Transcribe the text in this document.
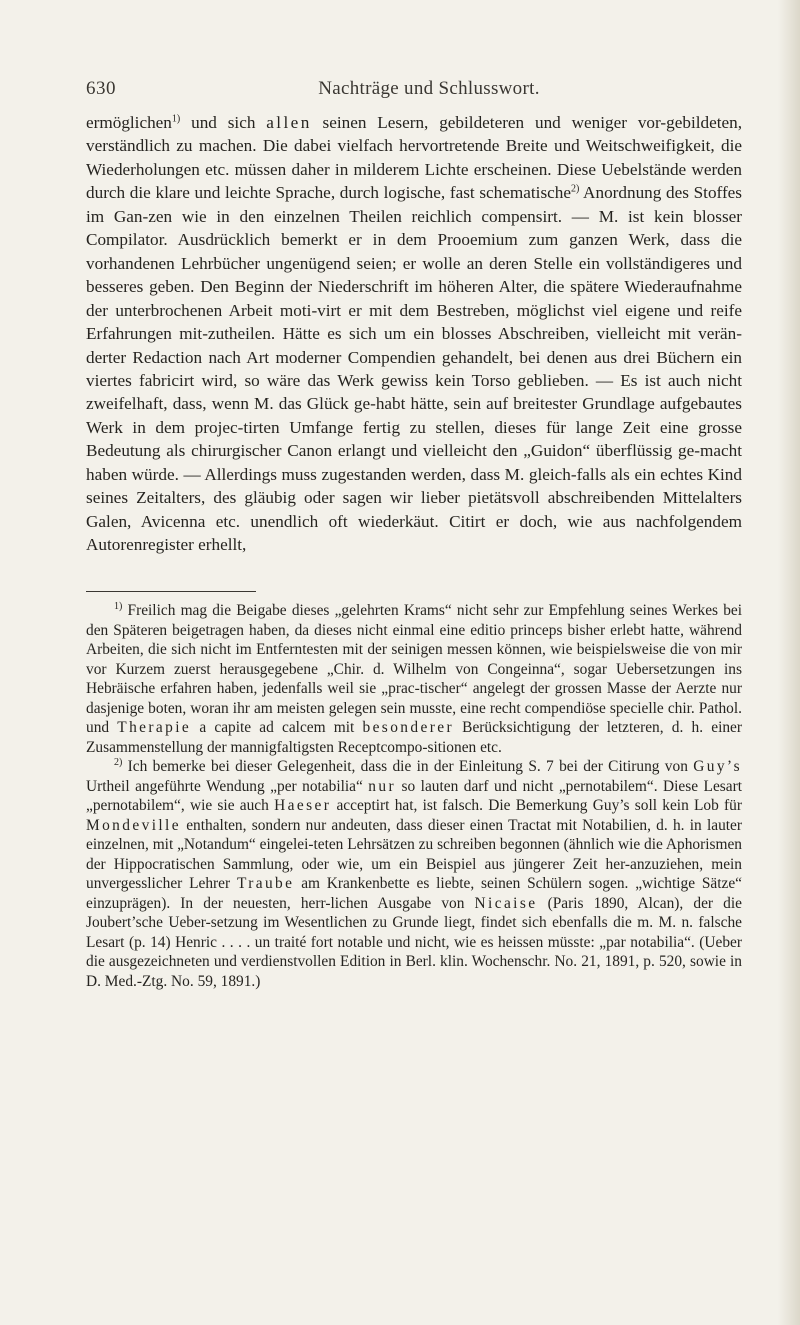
630	Nachträge und Schlusswort.

ermöglichen$^{1)}$ und sich allen seinen Lesern, gebildeteren und weniger vor-gebildeten, verständlich zu machen. Die dabei vielfach hervortretende Breite und Weitschweifigkeit, die Wiederholungen etc. müssen daher in milderem Lichte erscheinen. Diese Uebelstände werden durch die klare und leichte Sprache, durch logische, fast schematische$^{2)}$ Anordnung des Stoffes im Gan-zen wie in den einzelnen Theilen reichlich compensirt. — M. ist kein blosser Compilator. Ausdrücklich bemerkt er in dem Prooemium zum ganzen Werk, dass die vorhandenen Lehrbücher ungenügend seien; er wolle an deren Stelle ein vollständigeres und besseres geben. Den Beginn der Niederschrift im höheren Alter, die spätere Wiederaufnahme der unterbrochenen Arbeit moti-virt er mit dem Bestreben, möglichst viel eigene und reife Erfahrungen mit-zutheilen. Hätte es sich um ein blosses Abschreiben, vielleicht mit verän-derter Redaction nach Art moderner Compendien gehandelt, bei denen aus drei Büchern ein viertes fabricirt wird, so wäre das Werk gewiss kein Torso geblieben. — Es ist auch nicht zweifelhaft, dass, wenn M. das Glück ge-habt hätte, sein auf breitester Grundlage aufgebautes Werk in dem projec-tirten Umfange fertig zu stellen, dieses für lange Zeit eine grosse Bedeutung als chirurgischer Canon erlangt und vielleicht den „Guidon“ überflüssig ge-macht haben würde. — Allerdings muss zugestanden werden, dass M. gleich-falls als ein echtes Kind seines Zeitalters, des gläubig oder sagen wir lieber pietätsvoll abschreibenden Mittelalters Galen, Avicenna etc. unendlich oft wiederkäut. Citirt er doch, wie aus nachfolgendem Autorenregister erhellt,

$^{1)}$ Freilich mag die Beigabe dieses „gelehrten Krams“ nicht sehr zur Empfehlung seines Werkes bei den Späteren beigetragen haben, da dieses nicht einmal eine editio princeps bisher erlebt hatte, während Arbeiten, die sich nicht im Entferntesten mit der seinigen messen können, wie beispielsweise die von mir vor Kurzem zuerst herausgegebene „Chir. d. Wilhelm von Congeinna“, sogar Uebersetzungen ins Hebräische erfahren haben, jedenfalls weil sie „prac-tischer“ angelegt der grossen Masse der Aerzte nur dasjenige boten, woran ihr am meisten gelegen sein musste, eine recht compendiöse specielle chir. Pathol. und Therapie a capite ad calcem mit besonderer Berücksichtigung der letzteren, d. h. einer Zusammenstellung der mannigfaltigsten Receptcompo-sitionen etc.

$^{2)}$ Ich bemerke bei dieser Gelegenheit, dass die in der Einleitung S. 7 bei der Citirung von Guy’s Urtheil angeführte Wendung „per notabilia“ nur so lauten darf und nicht „pernotabilem“. Diese Lesart „pernotabilem“, wie sie auch Haeser acceptirt hat, ist falsch. Die Bemerkung Guy’s soll kein Lob für Mondeville enthalten, sondern nur andeuten, dass dieser einen Tractat mit Notabilien, d. h. in lauter einzelnen, mit „Notandum“ eingelei-teten Lehrsätzen zu schreiben begonnen (ähnlich wie die Aphorismen der Hippocratischen Sammlung, oder wie, um ein Beispiel aus jüngerer Zeit her-anzuziehen, mein unvergesslicher Lehrer Traube am Krankenbette es liebte, seinen Schülern sogen. „wichtige Sätze“ einzuprägen). In der neuesten, herr-lichen Ausgabe von Nicaise (Paris 1890, Alcan), der die Joubert’sche Ueber-setzung im Wesentlichen zu Grunde liegt, findet sich ebenfalls die m. M. n. falsche Lesart (p. 14) Henric . . . . un traité fort notable und nicht, wie es heissen müsste: „par notabilia“. (Ueber die ausgezeichneten und verdienstvollen Edition in Berl. klin. Wochenschr. No. 21, 1891, p. 520, sowie in D. Med.-Ztg. No. 59, 1891.)
